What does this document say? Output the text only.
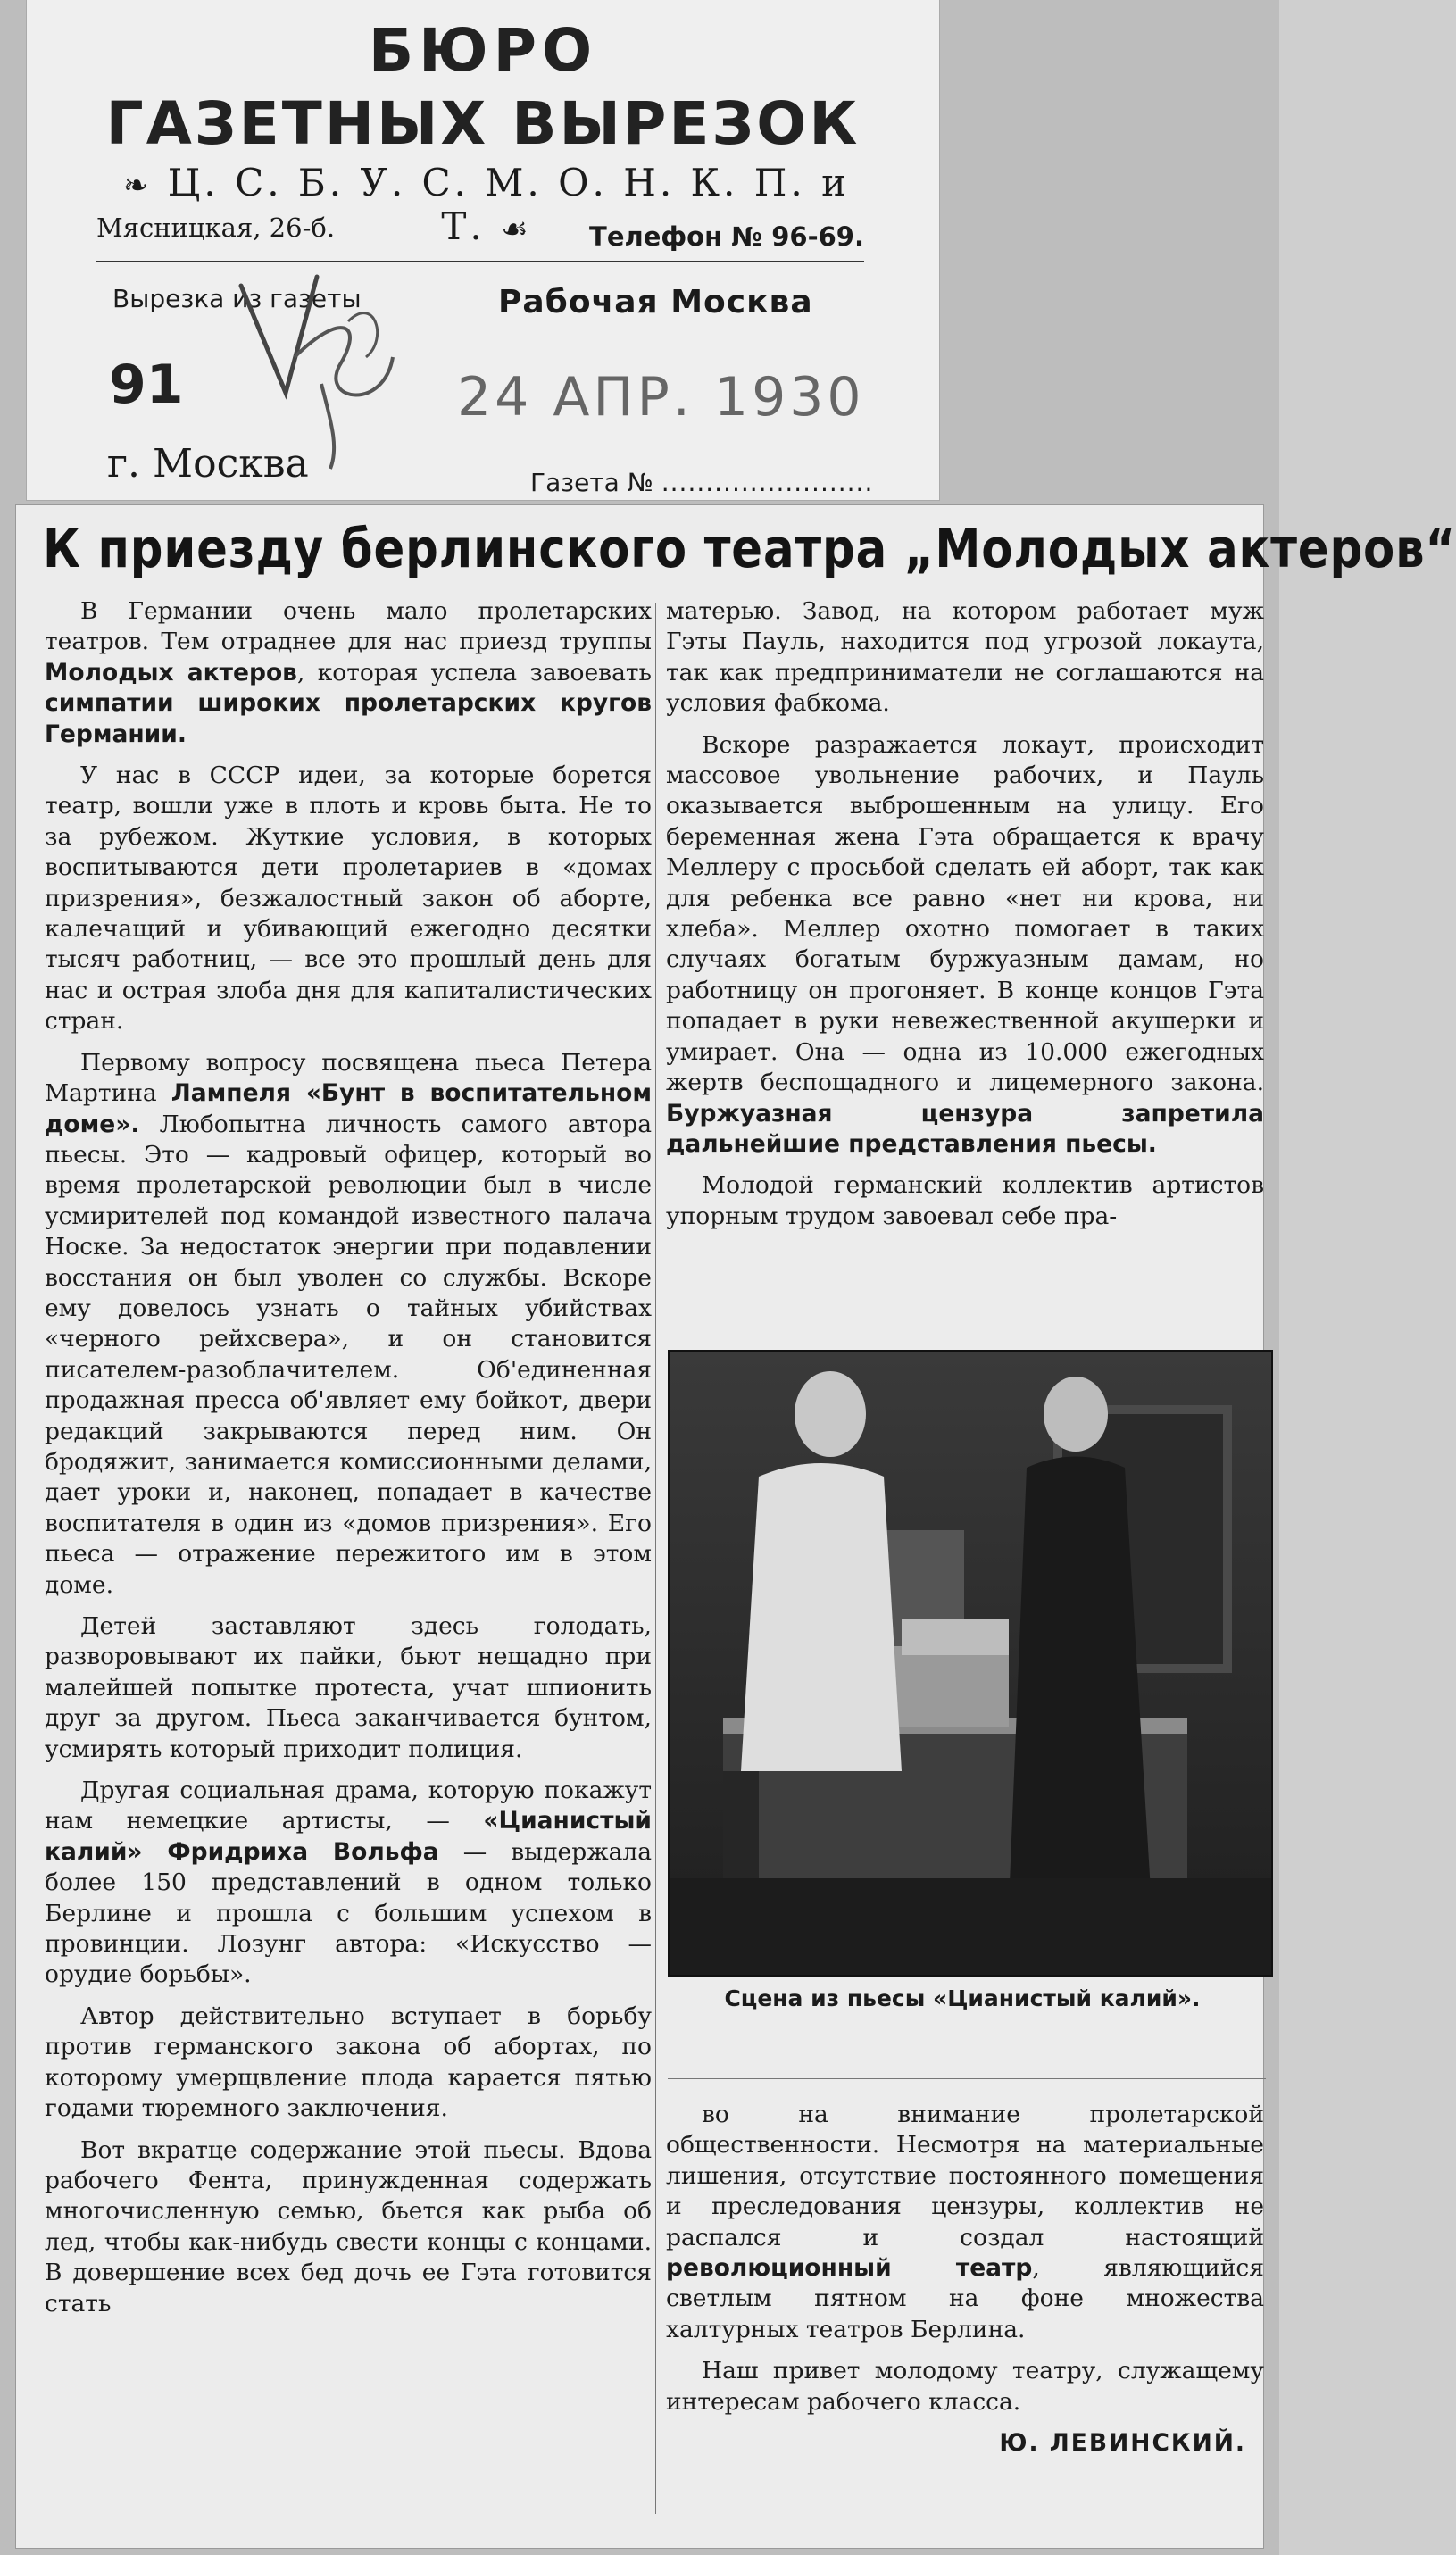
БЮРО
ГАЗЕТНЫХ ВЫРЕЗОК
❧ Ц. С. Б. У. С. М. О. Н. К. П. и Т. ☙
Мясницкая, 26-б.	Телефон № 96-69.
Вырезка из газеты	Рабочая Москва
91	24 АПР. 1930
г. Москва	Газета № ........................
К приезду берлинского театра „Молодых актеров“

В Германии очень мало пролетарских театров. Тем отраднее для нас приезд труппы Молодых актеров, которая успела завоевать симпатии широких пролетарских кругов Германии.

У нас в СССР идеи, за которые борется театр, вошли уже в плоть и кровь быта. Не то за рубежом. Жуткие условия, в которых воспитываются дети пролетариев в «домах призрения», безжалостный закон об аборте, калечащий и убивающий ежегодно десятки тысяч работниц, — все это прошлый день для нас и острая злоба дня для капиталистических стран.

Первому вопросу посвящена пьеса Петера Мартина Лампеля «Бунт в воспитательном доме». Любопытна личность самого автора пьесы. Это — кадровый офицер, который во время пролетарской революции был в числе усмирителей под командой известного палача Носке. За недостаток энергии при подавлении восстания он был уволен со службы. Вскоре ему довелось узнать о тайных убийствах «черного рейхсвера», и он становится писателем-разоблачителем. Об'единенная продажная пресса об'являет ему бойкот, двери редакций закрываются перед ним. Он бродяжит, занимается комиссионными делами, дает уроки и, наконец, попадает в качестве воспитателя в один из «домов призрения». Его пьеса — отражение пережитого им в этом доме.

Детей заставляют здесь голодать, разворовывают их пайки, бьют нещадно при малейшей попытке протеста, учат шпионить друг за другом. Пьеса заканчивается бунтом, усмирять который приходит полиция.

Другая социальная драма, которую покажут нам немецкие артисты, — «Цианистый калий» Фридриха Вольфа — выдержала более 150 представлений в одном только Берлине и прошла с большим успехом в провинции. Лозунг автора: «Искусство — орудие борьбы».

Автор действительно вступает в борьбу против германского закона об абортах, по которому умерщвление плода карается пятью годами тюремного заключения.

Вот вкратце содержание этой пьесы. Вдова рабочего Фента, принужденная содержать многочисленную семью, бьется как рыба об лед, чтобы как-нибудь свести концы с концами. В довершение всех бед дочь ее Гэта готовится стать

матерью. Завод, на котором работает муж Гэты Пауль, находится под угрозой локаута, так как предприниматели не соглашаются на условия фабкома.

Вскоре разражается локаут, происходит массовое увольнение рабочих, и Пауль оказывается выброшенным на улицу. Его беременная жена Гэта обращается к врачу Меллеру с просьбой сделать ей аборт, так как для ребенка все равно «нет ни крова, ни хлеба». Меллер охотно помогает в таких случаях богатым буржуазным дамам, но работницу он прогоняет. В конце концов Гэта попадает в руки невежественной акушерки и умирает. Она — одна из 10.000 ежегодных жертв беспощадного и лицемерного закона. Буржуазная цензура запретила дальнейшие представления пьесы.

Молодой германский коллектив артистов упорным трудом завоевал себе пра-

Сцена из пьесы «Цианистый калий».

во на внимание пролетарской общественности. Несмотря на материальные лишения, отсутствие постоянного помещения и преследования цензуры, коллектив не распался и создал настоящий революционный театр, являющийся светлым пятном на фоне множества халтурных театров Берлина.

Наш привет молодому театру, служащему интересам рабочего класса.

Ю. ЛЕВИНСКИЙ.
